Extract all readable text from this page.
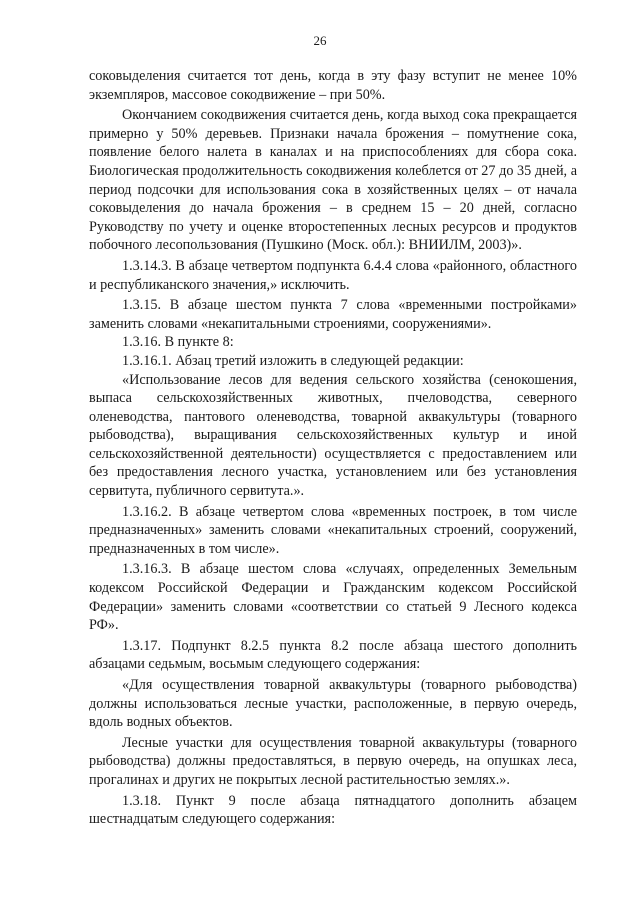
26

соковыделения считается тот день, когда в эту фазу вступит не менее 10% экземпляров, массовое сокодвижение – при 50%.

Окончанием сокодвижения считается день, когда выход сока прекращается примерно у 50% деревьев. Признаки начала брожения – помутнение сока, появление белого налета в каналах и на приспособлениях для сбора сока. Биологическая продолжительность сокодвижения колеблется от 27 до 35 дней, а период подсочки для использования сока в хозяйственных целях – от начала соковыделения до начала брожения – в среднем 15 – 20 дней, согласно Руководству по учету и оценке второстепенных лесных ресурсов и продуктов побочного лесопользования (Пушкино (Моск. обл.): ВНИИЛМ, 2003)».

1.3.14.3. В абзаце четвертом подпункта 6.4.4 слова «районного, областного и республиканского значения,» исключить.

1.3.15. В абзаце шестом пункта 7 слова «временными постройками» заменить словами «некапитальными строениями, сооружениями».

1.3.16. В пункте 8:

1.3.16.1. Абзац третий изложить в следующей редакции:

«Использование лесов для ведения сельского хозяйства (сенокошения, выпаса сельскохозяйственных животных, пчеловодства, северного оленеводства, пантового оленеводства, товарной аквакультуры (товарного рыбоводства), выращивания сельскохозяйственных культур и иной сельскохозяйственной деятельности) осуществляется с предоставлением или без предоставления лесного участка, установлением или без установления сервитута, публичного сервитута.».

1.3.16.2. В абзаце четвертом слова «временных построек, в том числе предназначенных» заменить словами «некапитальных строений, сооружений, предназначенных в том числе».

1.3.16.3. В абзаце шестом слова «случаях, определенных Земельным кодексом Российской Федерации и Гражданским кодексом Российской Федерации» заменить словами «соответствии со статьей 9 Лесного кодекса РФ».

1.3.17. Подпункт 8.2.5 пункта 8.2 после абзаца шестого дополнить абзацами седьмым, восьмым следующего содержания:

«Для осуществления товарной аквакультуры (товарного рыбоводства) должны использоваться лесные участки, расположенные, в первую очередь, вдоль водных объектов.

Лесные участки для осуществления товарной аквакультуры (товарного рыбоводства) должны предоставляться, в первую очередь, на опушках леса, прогалинах и других не покрытых лесной растительностью землях.».

1.3.18. Пункт 9 после абзаца пятнадцатого дополнить абзацем шестнадцатым следующего содержания:
